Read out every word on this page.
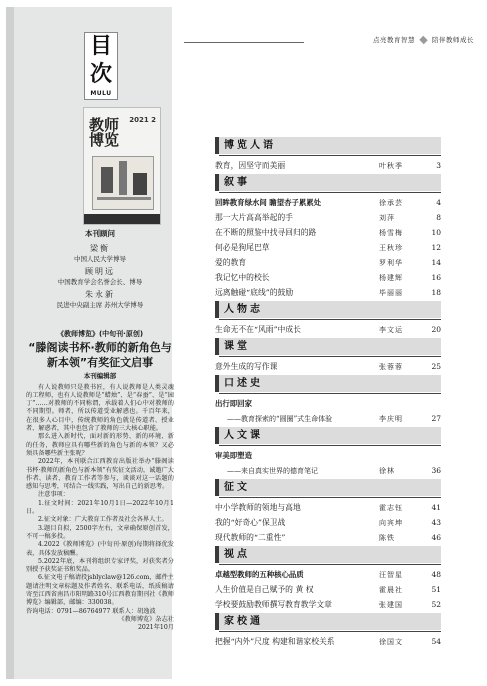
目
次
MULU
教师博览
2021 2
本刊顾问
梁衡
中国人民大学博导
顾明远
中国教育学会名誉会长、博导
朱永新
民进中央副主席 苏州大学博导
《教师博览》(中旬刊·原创)
“滕阁读书杯·教师的新角色与新本领”有奖征文启事
本刊编辑部

有人说教师只是教书匠，有人说教师是人类灵魂的工程师，也有人说教师是“蜡烛”、是“春蚕”、是“园丁”……对教师的不同称谓，承载着人们心中对教师的不同期望。师者，所以传道受业解惑也。千百年来，在很多人心目中，传统教师的角色就是传道者、授业者、解惑者，其中也包含了教师的三大核心职能。

那么进入新时代，面对新的形势、新的环境、新的任务，教师应具有哪些新的角色与新的本领？又必须具备哪些新主张呢？

2022年，本刊联合江西教育出版社举办“滕阁读书杯·教师的新角色与新本领”有奖征文活动，诚邀广大作者、读者、教育工作者等参与，谈谈对这一话题的感知与思考，可结合一线实践，写出自己的新思考。

注意事项：

1.征文时间：2021年10月1日—2022年10月1日。

2.征文对象：广大教育工作者及社会各界人士。

3.题目自拟，2500字左右，文章确保原创首发，不可一稿多投。

4.2022《教师博览》(中旬刊·原创)每期将择优发表，具体发放稿酬。

5.2022年底，本刊将组织专家评奖，对获奖者分别授予获奖证书和奖品。

6.征文电子稿请投jsblyclaw@126.com，邮件主题请注明文章标题及作者姓名、联系电话，纸质稿请寄至江西省南昌市阳明路310号江西教育期刊社《教师博览》编辑部，邮编：330038。

咨询电话：0791—86764977 联系人：胡逸波

《教师博览》杂志社

2021年10月

点亮教育智慧	陪伴教师成长
博览人语
教育，因坚守而美丽	叶秋季	3
叙事
回眸教育绿水间 瞻望杏子累累处	徐承芸	4
那一大片高高举起的手	刘萍	8
在不断的照鉴中找寻回归的路	杨雪梅	10
何必是狗尾巴草	王秋珍	12
爱的教育	罗利华	14
我记忆中的校长	杨建辉	16
远离触碰“底线”的鼓励	毕丽丽	18
人物志
生命无不在“风雨”中成长	李文运	20
课堂
意外生成的写作课	张蓉蓉	25
口述史
出行即回家
——教育探索的“圆圈”式生命体验	李庆明	27
人文课
审美即塑造
——来自真实世界的德育笔记	徐林	36
征文
中小学教师的领地与高地	霍志钰	41
我的“好奇心”保卫战	向宾坤	43
现代教师的“二重性”	陈铁	46
视点
卓越型教师的五种核心品质	汪智星	48
人生价值是自己赋予的 黄 权	霍晨社	51
学校要鼓励教师撰写教育教学文章	张建国	52
家校通
把握“内外”尺度 构建和谐家校关系	徐国文	54
